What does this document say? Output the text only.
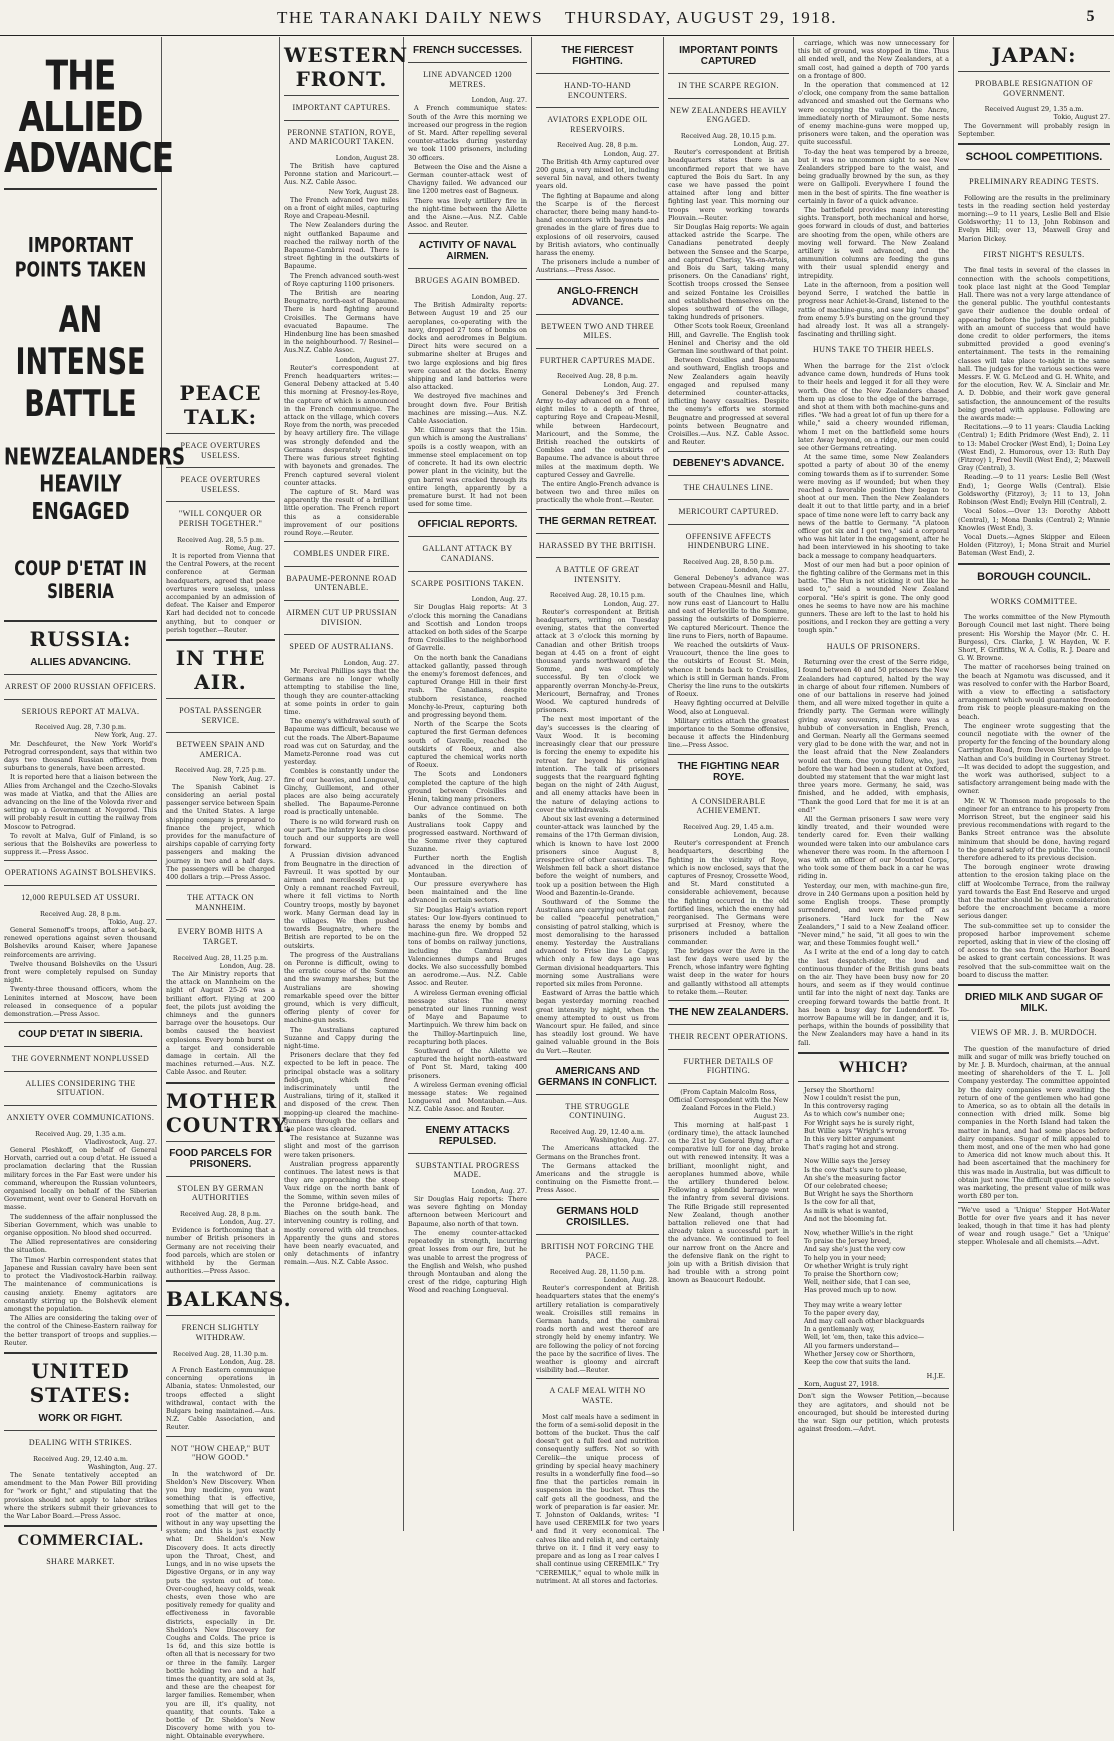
THE TARANAKI DAILY NEWS THURSDAY, AUGUST 29, 1918.	5
THE ALLIED ADVANCE
IMPORTANT POINTS TAKEN
AN INTENSE BATTLE
NEWZEALANDERS HEAVILY ENGAGED
COUP D'ETAT IN SIBERIA
RUSSIA:
ALLIES ADVANCING.
ARREST OF 2000 RUSSIAN OFFICERS.
SERIOUS REPORT AT MALVA.
Received Aug. 28, 7.30 p.m.
New York, Aug. 27.

Mr. Deschfeuret, the New York World's Petrograd correspondent, says that within two days two thousand Russian officers, from suburbans to generals, have been arrested.

It is reported here that a liaison between the Allies from Archangel and the Czecho-Slovaks was made at Viatka, and that the Allies are advancing on the line of the Volovda river and setting up a Government at Novgorod. This will probably result in cutting the railway from Moscow to Petrograd.

To revolt at Malva, Gulf of Finland, is so serious that the Bolsheviks are powerless to suppress it.—Press Assoc.

OPERATIONS AGAINST BOLSHEVIKS.
12,000 REPULSED AT USSURI.
Received Aug. 28, 8 p.m.
Tokio, Aug. 27.

General Semenoff's troops, after a set-back, renewed operations against seven thousand Bolsheviks around Kaiser, where Japanese reinforcements are arriving.

Twelve thousand Bolsheviks on the Ussuri front were completely repulsed on Sunday night.

Twenty-three thousand officers, whom the Leninites interned at Moscow, have been released in consequence of a popular demonstration.—Press Assoc.

COUP D'ETAT IN SIBERIA.
THE GOVERNMENT NONPLUSSED
ALLIES CONSIDERING THE SITUATION.
ANXIETY OVER COMMUNICATIONS.
Received Aug. 29, 1.35 a.m.
Vladivostock, Aug. 27.

General Pleshkoff, on behalf of General Horvath, carried out a coup d'etat. He issued a proclamation declaring that the Russian military forces in the Far East were under his command, whereupon the Russian volunteers, organised locally on behalf of the Siberian Government, went over to General Horvath en masse.

The suddenness of the affair nonplussed the Siberian Government, which was unable to organise opposition. No blood shed occurred.

The Allied representatives are considering the situation.

The Times' Harbin correspondent states that Japanese and Russian cavalry have been sent to protect the Vladivostock-Harbin railway. The maintenance of communications is causing anxiety. Enemy agitators are constantly stirring up the Bolshevik element amongst the population.

The Allies are considering the taking over of the control of the Chinese-Eastern railway for the better transport of troops and supplies.—Reuter.

UNITED STATES:
WORK OR FIGHT.
DEALING WITH STRIKES.
Received Aug. 29, 12.40 a.m.
Washington, Aug. 27.

The Senate tentatively accepted an amendment to the Man Power Bill providing for "work or fight," and stipulating that the provision should not apply to labor strikes where the strikers submit their grievances to the War Labor Board.—Press Assoc.

COMMERCIAL.
SHARE MARKET.
PEACE TALK:
PEACE OVERTURES USELESS.
PEACE OVERTURES USELESS.
"WILL CONQUER OR PERISH TOGETHER."
Received Aug. 28, 5.5 p.m.
Rome, Aug. 27.

It is reported from Vienna that the Central Powers, at the recent conference at German headquarters, agreed that peace overtures were useless, unless accompanied by an admission of defeat. The Kaiser and Emperor Karl had decided not to concede anything, but to conquer or perish together.—Reuter.

IN THE AIR.
POSTAL PASSENGER SERVICE.
BETWEEN SPAIN AND AMERICA.
Received Aug. 28, 7.25 p.m.
New York, Aug. 27.

The Spanish Cabinet is considering an aerial postal passenger service between Spain and the United States. A large shipping company is prepared to finance the project, which provides for the manufacture of airships capable of carrying forty passengers and making the journey in two and a half days. The passengers will be charged 400 dollars a trip.—Press Assoc.

THE ATTACK ON MANNHEIM.
EVERY BOMB HITS A TARGET.
Received Aug. 28, 11.25 p.m.
London, Aug. 28.

The Air Ministry reports that the attack on Mannheim on the night of August 25-26 was a brilliant effort. Flying at 200 feet, the pilots just avoiding the chimneys and the gunners barrage over the housetops. Our bombs caused the heaviest explosions. Every bomb burst on a target and considerable damage in certain. All the machines returned.—Aus. N.Z. Cable Assoc. and Reuter.

MOTHER COUNTRY.
FOOD PARCELS FOR PRISONERS.
STOLEN BY GERMAN AUTHORITIES
Received Aug. 28, 8 p.m.
London, Aug. 27.

Evidence is forthcoming that a number of British prisoners in Germany are not receiving their food parcels, which are stolen or withheld by the German authorities.—Press Assoc.

BALKANS.
FRENCH SLIGHTLY WITHDRAW.
Received Aug. 28, 11.30 p.m.
London, Aug. 28.

A French Eastern communique concerning operations in Albania, states: Unmolested, our troops effected a slight withdrawal, contact with the Bulgars being maintained.—Aus. N.Z. Cable Association, and Reuter.

NOT "HOW CHEAP," BUT "HOW GOOD."

In the watchword of Dr. Sheldon's New Discovery. When you buy medicine, you want something that is effective, something that will get to the root of the matter at once, without in any way upsetting the system; and this is just exactly what Dr. Sheldon's New Discovery does. It acts directly upon the Throat, Chest, and Lungs, and in no wise upsets the Digestive Organs, or in any way puts the system out of tone. Over-coughed, heavy colds, weak chests, even those who are positively remedy for quality and effectiveness in favorable districts, especially in Dr. Sheldon's New Discovery for Coughs and Colds. The price is 1s 6d, and this size bottle is often all that is necessary for two or three in the family. Larger bottle holding two and a half times the quantity, are sold at 3s, and these are the cheapest for larger families. Remember, when you are ill, it's quality, not quantity, that counts. Take a bottle of Dr. Sheldon's New Discovery home with you to-night. Obtainable everywhere.

WESTERN FRONT.
IMPORTANT CAPTURES.
PERONNE STATION, ROYE, AND MARICOURT TAKEN.
London, August 28.

The British have captured Peronne station and Maricourt.—Aus. N.Z. Cable Assoc.

New York, August 28.

The French advanced two miles on a front of eight miles, capturing Roye and Crapeau-Mesnil.

The New Zealanders during the night outflanked Bapaume and reached the railway north of the Bapaume-Cambrai road. There is street fighting in the outskirts of Bapaume.

The French advanced south-west of Roye capturing 1100 prisoners.

The British are nearing Beugnatre, north-east of Bapaume. There is hard fighting around Croisilles. The Germans have evacuated Bapaume. The Hindenburg line has been smashed in the neighbourhood. 7/ Resinel—Aus.N.Z. Cable Assoc.

London, August 27.

Reuter's correspondent at French headquarters writes:—General Debeny attacked at 5.40 this morning at Fresnoy-les-Roye, the capture of which is announced in the French communique. The attack on the village, which covers Roye from the north, was preceded by heavy artillery fire. The village was strongly defended and the Germans desperately resisted. There was furious street fighting with bayonets and grenades. The French captured several violent counter attacks.

The capture of St. Mard was apparently the result of a brilliant little operation. The French report this as a considerable improvement of our positions round Roye.—Reuter.

COMBLES UNDER FIRE.
BAPAUME-PERONNE ROAD UNTENABLE.
AIRMEN CUT UP PRUSSIAN DIVISION.
SPEED OF AUSTRALIANS.
London, Aug. 27.

Mr. Percival Phillips says that the Germans are no longer wholly attempting to stabilise the line, though they are counter-attacking at some points in order to gain time.

The enemy's withdrawal south of Bapaume was difficult, because we cut the roads. The Albert-Bapaume road was cut on Saturday, and the Mametz-Peronne road was cut yesterday.

Combles is constantly under the fire of our heavies, and Longueval, Ginchy, Guillemont, and other places are also being accurately shelled. The Bapaume-Peronne road is practically untenable.

There is no wild forward rush on our part. The infantry keep in close touch and our supports are well forward.

A Prussian division advanced from Beugnatre in the direction of Favreuil. It was spotted by our airmen and mercilessly cut up. Only a remnant reached Favreuil, where it fell victims to North Country troops, mostly by bayonet work. Many German dead lay in the villages. We then pushed towards Beugnatre, where the British are reported to be on the outskirts.

The progress of the Australians on Peronne is difficult, owing to the erratic course of the Somme and the swampy marshes; but the Australians are showing remarkable speed over the bitter ground, which is very difficult, offering plenty of cover for machine-gun nests.

The Australians captured Suzanne and Cappy during the night-time.

Prisoners declare that they fed expected to be left in peace. The principal obstacle was a solitary field-gun, which fired indiscriminately until the Australians, tiring of it, stalked it and disposed of the crew. Then mopping-up cleared the machine-gunners through the cellars and the place was cleared.

The resistance at Suzanne was slight and most of the garrison were taken prisoners.

Australian progress apparently continues. The latest news is that they are approaching the steep Vaux ridge on the north bank of the Somme, within seven miles of the Peronne bridge-head, and Biaches on the south bank. The intervening country is rolling, and mostly covered with old trenches. Apparently the guns and stores have been nearly evacuated, and only detachments of infantry remain.—Aus. N.Z. Cable Assoc.

FRENCH SUCCESSES.
LINE ADVANCED 1200 METRES.
London, Aug. 27.

A French communique states: South of the Avre this morning we increased our progress in the region of St. Mard. After repelling several counter-attacks during yesterday we took 1100 prisoners, including 30 officers.

Between the Oise and the Aisne a German counter-attack west of Chavigny failed. We advanced our line 1200 metres east of Bagneux.

There was lively artillery fire in the night-time between the Ailette and the Aisne.—Aus. N.Z. Cable Assoc. and Reuter.

ACTIVITY OF NAVAL AIRMEN.
BRUGES AGAIN BOMBED.
London, Aug. 27.

The British Admiralty reports: Between August 19 and 25 our aeroplanes, co-operating with the navy, dropped 27 tons of bombs on docks and aerodromes in Belgium. Direct hits were secured on a submarine shelter at Bruges and two large explosions and big fires were caused at the docks. Enemy shipping and land batteries were also attacked.

We destroyed five machines and brought down five. Four British machines are missing.—Aus. N.Z. Cable Association.

Mr. Gilmour says that the 15in. gun which is among the Australians' spoils is a costly weapon, with an immense steel emplacement on top of concrete. It had its own electric power plant in the vicinity, but the gun barrel was cracked through its entire length, apparently by a premature burst. It had not been used for some time.

OFFICIAL REPORTS.
GALLANT ATTACK BY CANADIANS.
SCARPE POSITIONS TAKEN.
London, Aug. 27.

Sir Douglas Haig reports: At 3 o'clock this morning the Canadians and Scottish and London troops attacked on both sides of the Scarpe from Croisilles to the neighborhood of Gavrelle.

On the north bank the Canadians attacked gallantly, passed through the enemy's foremost defences, and captured Orange Hill in their first rush. The Canadians, despite stubborn resistance, reached Monchy-le-Preux, capturing both and progressing beyond them.

North of the Scarpe the Scots captured the first German defences south of Gavrelle, reached the outskirts of Roeux, and also captured the chemical works north of Roeux.

The Scots and Londoners completed the capture of the high ground between Croisilles and Henin, taking many prisoners.

Our advance continued on both banks of the Somme. The Australians took Cappy and progressed eastward. Northward of the Somme river they captured Suzanne.

Further north the English advanced in the direction of Montauban.

Our pressure everywhere has been maintained and the line advanced in certain sectors.

Sir Douglas Haig's aviation report states: Our low-flyers continued to harass the enemy by bombs and machine-gun fire. We dropped 52 tons of bombs on railway junctions, including the Cambrai and Valenciennes dumps and Bruges docks. We also successfully bombed an aerodrome.—Aus. N.Z. Cable Assoc. and Reuter.

A wireless German evening official message states: The enemy penetrated our lines running west of Maye and Bapaume to Martinpuich. We threw him back on the Thilloy-Martinpuich line, recapturing both places.

Southward of the Ailette we captured the height north-eastward of Pont St. Mard, taking 400 prisoners.

A wireless German evening official message states: We regained Longueval and Montauban.—Aus. N.Z. Cable Assoc. and Reuter.

ENEMY ATTACKS REPULSED.
SUBSTANTIAL PROGRESS MADE.
London, Aug. 27.

Sir Douglas Haig reports: There was severe fighting on Monday afternoon between Mericourt and Bapaume, also north of that town.

The enemy counter-attacked repeatedly in strength, incurring great losses from our fire, but he was unable to arrest the progress of the English and Welsh, who pushed through Montauban and along the crest of the ridge, capturing High Wood and reaching Longueval.

THE FIERCEST FIGHTING.
HAND-TO-HAND ENCOUNTERS.
AVIATORS EXPLODE OIL RESERVOIRS.
Received Aug. 28, 8 p.m.
London, Aug. 27.

The British 4th Army captured over 200 guns, a very mixed lot, including several 5in naval, and others twenty years old.

The fighting at Bapaume and along the Scarpe is of the fiercest character, there being many hand-to-hand encounters with bayonets and grenades in the glare of fires due to explosions of oil reservoirs, caused by British aviators, who continually harass the enemy.

The prisoners include a number of Austrians.—Press Assoc.

ANGLO-FRENCH ADVANCE.
BETWEEN TWO AND THREE MILES.
FURTHER CAPTURES MADE.
Received Aug. 28, 8 p.m.
London, Aug. 27.

General Debeney's 3rd French Army to-day advanced on a front of eight miles to a depth of three, capturing Roye and Crapeau-Mesnil, while between Hardecourt, Maricourt, and the Somme, the British reached the outskirts of Combles and the outskirts of Bapaume. The advance is about three miles at the maximum depth. We captured Cessey and Gavrelle.

The entire Anglo-French advance is between two and three miles on practically the whole front.—Reuter.

THE GERMAN RETREAT.
HARASSED BY THE BRITISH.
A BATTLE OF GREAT INTENSITY.
Received Aug. 28, 10.15 p.m.
London, Aug. 27.

Reuter's correspondent at British headquarters, writing on Tuesday evening, states that the converted attack at 3 o'clock this morning by Canadian and other British troops began at 4.45 on a front of eight thousand yards northward of the Somme, and was completely successful. By ten o'clock we apparently overran Monchy-le-Preux, Mericourt, Bernafray, and Trones Wood. We captured hundreds of prisoners.

The next most important of the day's successes is the clearing of Vaux Wood. It is becoming increasingly clear that our pressure is forcing the enemy to expedite his retreat far beyond his original intention. The talk of prisoners suggests that the rearguard fighting began on the night of 24th August, and all enemy attacks have been in the nature of delaying actions to cover the withdrawals.

About six last evening a determined counter-attack was launched by the remains of the 17th German division, which is known to have lost 2000 prisoners since August 8, irrespective of other casualties. The Welshmen fell back a short distance before the weight of numbers, and took up a position between the High Wood and Bazentin-le-Grande.

Southward of the Somme the Australians are carrying out what can be called "peaceful penetration," consisting of patrol stalking, which is most demoralising to the harassed enemy. Yesterday the Australians advanced to Frise line Le Cappy, which only a few days ago was German divisional headquarters. This morning some Australians were reported six miles from Peronne.

Eastward of Arras the battle which began yesterday morning reached great intensity by night, when the enemy attempted to oust us from Wancourt spur. He failed, and since has steadily lost ground. We have gained valuable ground in the Bois du Vert.—Reuter.

AMERICANS AND GERMANS IN CONFLICT.
THE STRUGGLE CONTINUING.
Received Aug. 29, 12.40 a.m.
Washington, Aug. 27.

The Americans attacked the Germans on the Branches front.

The Germans attacked the Americans and the struggle is continuing on the Fismette front.—Press Assoc.

GERMANS HOLD CROISILLES.
BRITISH NOT FORCING THE PACE.
Received Aug. 28, 11.50 p.m.
London, Aug. 28.

Reuter's correspondent at British headquarters states that the enemy's artillery retaliation is comparatively weak. Croisilles still remains in German hands, and the cambrai roads north and west thereof are strongly held by enemy infantry. We are following the policy of not forcing the pace by the sacrifice of lives. The weather is gloomy and aircraft visibility bad.—Reuter.

A CALF MEAL WITH NO WASTE.

Most calf meals have a sediment in the form of a semi-solid deposit in the bottom of the bucket. Thus the calf doesn't get a full feed and nutrition consequently suffers. Not so with Cerelik—the unique process of grinding by special heavy machinery results in a wonderfully fine food—so fine that the particles remain in suspension in the bucket. Thus the calf gets all the goodness, and the work of preparation is far easier. Mr. T. Johnston of Oaklands, writes: "I have used CEREMILK for two years and find it very economical. The calves like and relish it, and certainly thrive on it. I find it very easy to prepare and as long as I rear calves I shall continue using CEREMILK." Try "CEREMILK," equal to whole milk in nutriment. At all stores and factories.

IMPORTANT POINTS CAPTURED
IN THE SCARPE REGION.
NEW ZEALANDERS HEAVILY ENGAGED.
Received Aug. 28, 10.15 p.m.
London, Aug. 27.

Reuter's correspondent at British headquarters states there is an unconfirmed report that we have captured the Bois du Sart. In any case we have passed the point attained after long and bitter fighting last year. This morning our troops were working towards Plouvain.—Reuter.

Sir Douglas Haig reports: We again attacked astride the Scarpe. The Canadians penetrated deeply between the Sensee and the Scarpe, and captured Cherisy, Vis-en-Artois, and Bois du Sart, taking many prisoners. On the Canadians' right, Scottish troops crossed the Sensee and seized Fontaine les Croisilles and established themselves on the slopes southward of the village, taking hundreds of prisoners.

Other Scots took Roeux, Greenland Hill, and Gavrelle. The English took Heninel and Cherisy and the old German line southward of that point.

Between Croisilles and Bapaume and southward, English troops and New Zealanders again heavily engaged and repulsed many determined counter-attacks, inflicting heavy casualties. Despite the enemy's efforts we stormed Beugnatre and progressed at several points between Beugnatre and Croisilles.—Aus. N.Z. Cable Assoc. and Reuter.

DEBENEY'S ADVANCE.
THE CHAULNES LINE.
MERICOURT CAPTURED.
OFFENSIVE AFFECTS HINDENBURG LINE.
Received Aug. 28, 8.50 p.m.
London, Aug. 27.

General Debeney's advance was between Crapeau-Mesnil and Hallu, south of the Chaulnes line, which now runs east of Liancourt to Hallu and east of Herleville to the Somme, passing the outskirts of Dompierre. We captured Mericourt. Thence the line runs to Fiers, north of Bapaume.

We reached the outskirts of Vaux-Vraucourt, thence the line goes to the outskirts of Ecoust St. Mein, whence it bends back to Croisilles, which is still in German hands. From Cherisy the line runs to the outskirts of Roeux.

Heavy fighting occurred at Delville Wood, also at Longueval.

Military critics attach the greatest importance to the Somme offensive, because it affects the Hindenburg line.—Press Assoc.

THE FIGHTING NEAR ROYE.
A CONSIDERABLE ACHIEVEMENT.
Received Aug. 29, 1.45 a.m.
London, Aug. 28.

Reuter's correspondent at French headquarters, describing the fighting in the vicinity of Roye, which is now enclosed, says that the captures of Fresnoy, Crossette Wood, and St. Mard constituted a considerable achievement, because the fighting occurred in the old fortified lines, which the enemy had reorganised. The Germans were surprised at Fresnoy, where the prisoners included a battalion commander.

The bridges over the Avre in the last few days were used by the French, whose infantry were fighting waist deep in the water for hours and gallantly withstood all attempts to retake them.—Reuter.

THE NEW ZEALANDERS.
THEIR RECENT OPERATIONS.
FURTHER DETAILS OF FIGHTING.
(From Captain Malcolm Ross, Official Correspondent with the New Zealand Forces in the Field.)
August 23.

This morning at half-past 1 (ordinary time), the attack launched on the 21st by General Byng after a comparative lull for one day, broke out with renewed intensity. It was a brilliant, moonlight night, and aeroplanes hummed above, while the artillery thundered below. Following a splendid barrage went the infantry from several divisions. The Rifle Brigade still represented New Zealand, though another battalion relieved one that had already taken a successful part in the advance. We continued to feel our narrow front on the Ancre and the defensive flank on the right to join up with a British division that had trouble with a strong point known as Beaucourt Redoubt.

carriage, which was now unnecessary for this bit of ground, was stopped in time. Thus all ended well, and the New Zealanders, at a small cost, had gained a depth of 700 yards on a frontage of 800.

In the operation that commenced at 12 o'clock, one company from the same battalion advanced and smashed out the Germans who were occupying the valley of the Ancre, immediately north of Miraumont. Some nests of enemy machine-guns were mopped up, prisoners were taken, and the operation was quite successful.

To-day the heat was tempered by a breeze, but it was no uncommon sight to see New Zealanders stripped bare to the waist, and being gradually browned by the sun, as they were on Gallipoli. Everywhere I found the men in the best of spirits. The fine weather is certainly in favor of a quick advance.

The battlefield provides many interesting sights. Transport, both mechanical and horse, goes forward in clouds of dust, and batteries are shooting from the open, while others are moving well forward. The New Zealand artillery is well advanced, and the ammunition columns are feeding the guns with their usual splendid energy and intrepidity.

Late in the afternoon, from a position well beyond Serre, I watched the battle in progress near Achiet-le-Grand, listened to the rattle of machine-guns, and saw big "crumps" from enemy 5.9's bursting on the ground they had already lost. It was all a strangely-fascinating and thrilling sight.

HUNS TAKE TO THEIR HEELS.

When the barrage for the 21st o'clock advance came down, hundreds of Huns took to their heels and legged it for all they were worth. One of the New Zealanders chased them up as close to the edge of the barrage, and shot at them with both machine-guns and rifles. "We had a great lot of fun up there for a while," said a cheery wounded rifleman, whom I met on the battlefield some hours later. Away beyond, on a ridge, our men could see other Germans retreating.

At the same time, some New Zealanders spotted a party of about 30 of the enemy coming towards them as if to surrender. Some were moving as if wounded; but when they reached a favorable position they began to shoot at our men. Then the New Zealanders dealt it out to that little party, and in a brief space of time none were left to carry back any news of the battle to Germany. "A platoon officer got six and I got two," said a corporal who was hit later in the engagement, after he had been interviewed in his shooting to take back a message to company headquarters.

Most of our men had but a poor opinion of the fighting calibre of the Germans met in this battle. "The Hun is not sticking it out like he used to," said a wounded New Zealand corporal. "He's spirit is gone. The only good ones he seems to have now are his machine gunners. These are left to the last to hold his positions, and I reckon they are getting a very tough spin."

HAULS OF PRISONERS.

Returning over the crest of the Serre ridge, I found between 40 and 50 prisoners the New Zealanders had captured, halted by the way in charge of about four riflemen. Numbers of one of our battalions in reserve had joined them, and all were mixed together in quite a friendly party. The German were willingly giving away souvenirs, and there was a hubbub of conversation in English, French, and German. Nearly all the Germans seemed very glad to be done with the war, and not in the least afraid that the New Zealanders would eat them. One young fellow, who, just before the war had been a student at Oxford, doubted my statement that the war might last three years more. Germany, he said, was finished, and he added, with emphasis, "Thank the good Lord that for me it is at an end!"

All the German prisoners I saw were very kindly treated, and their wounded were tenderly cared for. Even their walking wounded were taken into our ambulance cars whenever there was room. In the afternoon I was with an officer of our Mounted Corps, who took some of them back in a car he was riding in.

Yesterday, our men, with machine-gun fire, drove in 240 Germans upon a position held by some English troops. These promptly surrendered, and were marked off as prisoners. "Hard luck for the New Zealanders," I said to a New Zealand officer. "Never mind," he said, "it all goes to win the war, and these Tommies fought well."

As I write at the end of a long day to catch the last despatch-rider, the loud and continuous thunder of the British guns beats on the air. They have been busy now for 20 hours, and seem as if they would continue until far into the night of next day. Tanks are creeping forward towards the battle front. It has been a busy day for Ludendorff. To-morrow Bapaume will be in danger, and it is, perhaps, within the bounds of possibility that the New Zealanders may have a hand in its fall.

WHICH?
Jersey the Shorthorn!
Now I couldn't resist the pun,
In this controversy raging
As to which cow's number one;
For Wright says he is surely right,
But Willie says "Wright's wrong
In this very bitter argument
That's raging hot and strong.
Now Willie says the Jersey
Is the cow that's sure to please,
An she's the measuring factor
Of our celebrated cheese;
But Wright he says the Shorthorn
Is the cow for all that,
As milk is what is wanted,
And not the blooming fat.
Now, whether Willie's in the right
To praise the Jersey breed,
And say she's just the very cow
To help you in your need;
Or whether Wright is truly right
To praise the Shorthorn cow;
Well, neither side, that I can see,
Has proved much up to now.
They may write a weary letter
To the paper every day,
And may call each other blackguards
In a gentlemanly way,
Well, let 'em, then, take this advice—
All you farmers understand—
Whether Jersey cow or Shorthorn,
Keep the cow that suits the land.
H.J.E.
Korn, August 27, 1918.
Don't sign the Wowser Petition,—because they are agitators, and should not be encouraged, but should be interested during the war. Sign our petition, which protests against freedom.—Advt.
JAPAN:
PROBABLE RESIGNATION OF GOVERNMENT.
Received August 29, 1.35 a.m.
Tokio, August 27.

The Government will probably resign in September.

SCHOOL COMPETITIONS.
PRELIMINARY READING TESTS.

Following are the results in the preliminary tests in the reading section held yesterday morning:—9 to 11 years, Leslie Bell and Elsie Goldsworthy; 11 to 13, John Robinson and Evelyn Hill; over 13, Maxwell Gray and Marion Dickey.

FIRST NIGHT'S RESULTS.

The final tests in several of the classes in connection with the schools competitions, took place last night at the Good Templar Hall. There was not a very large attendance of the general public. The youthful contestants gave their audience the double ordeal of appearing before the judges and the public with an amount of success that would have done credit to older performers, the items submitted provided a good evening's entertainment. The tests in the remaining classes will take place to-night in the same hall. The judges for the various sections were Messrs. F. W. G. McLeod and G. H. White, and for the elocution, Rev. W. A. Sinclair and Mr. A. D. Dobbie, and their work gave general satisfaction, the announcement of the results being greeted with applause. Following are the awards made:—

Recitations.—9 to 11 years: Claudia Lacking (Central) 1; Edith Pridmore (West End), 2. 11 to 13: Mabel Crocker (West End), 1; Doina Ley (West End), 2. Humorous, over 13: Ruth Day (Fitzroy) 1, Fred Nevill (West End), 2; Maxwell Gray (Central), 3.

Reading.—9 to 11 years: Leslie Bell (West End), 1; George Wells (Central). Elsie Goldsworthy (Fitzroy), 3; 11 to 13, John Robinson (West End); Evelyn Hill (Central), 2.

Vocal Solos.—Over 13: Dorothy Abbott (Central), 1; Mona Danks (Central) 2; Winnie Knowles (West End), 3.

Vocal Duets.—Agnes Skipper and Eileen Holden (Fitzroy), 1; Mona Strait and Muriel Bateman (West End), 2.

BOROUGH COUNCIL.
WORKS COMMITTEE.

The works committee of the New Plymouth Borough Council met last night. There being present: His Worship the Mayor (Mr. C. H. Burgess), Crs. Clarke, J. W. Hayden, W. F. Short, F. Griffiths, W. A. Collis, R. J. Deare and G. W. Browne.

The matter of racehorses being trained on the beach at Ngamotu was discussed, and it was resolved to confer with the Harbor Board, with a view to effecting a satisfactory arrangement which would guarantee freedom from risk to people pleasure-making on the beach.

The engineer wrote suggesting that the council negotiate with the owner of the property for the fencing of the boundary along Carrington Road, from Devon Street bridge to Nathan and Co's building in Courtenay Street.—It was decided to adopt the suggestion, and the work was authorised, subject to a satisfactory arrangement being made with the owner.

Mr. W. W. Thomson made proposals to the engineer for an entrance to his property from Morrison Street, but the engineer said his previous recommendations with regard to the Banks Street entrance was the absolute minimum that should be done, having regard to the general safety of the public. The council therefore adhered to its previous decision.

The borough engineer wrote drawing attention to the erosion taking place on the cliff at Woolcombe Terrace, from the railway yard towards the East End Reserve and urged that the matter should be given consideration before the encroachment became a more serious danger.

The sub-committee set up to consider the proposed harbor improvement scheme reported, asking that in view of the closing off of access to the sea front, the Harbor Board be asked to grant certain concessions. It was resolved that the sub-committee wait on the board to discuss the matter.

DRIED MILK AND SUGAR OF MILK.
VIEWS OF MR. J. B. MURDOCH.

The question of the manufacture of dried milk and sugar of milk was briefly touched on by Mr. J. B. Murdoch, chairman, at the annual meeting of shareholders of the T. L. Joll Company yesterday. The committee appointed by the dairy companies were awaiting the return of one of the gentlemen who had gone to America, so as to obtain all the details in connection with dried milk. Some big companies in the North Island had taken the matter in hand, and had some places before dairy companies. Sugar of milk appealed to them most, and one of the men who had gone to America did not know much about this. It had been ascertained that the machinery for this was made in Australia, but was difficult to obtain just now. The difficult question to solve was marketing, the present value of milk was worth £80 per ton.

"We've used a 'Unique' Stepper Hot-Water Bottle for over five years and it has never leaked, though in that time it has had plenty of wear and rough usage." Get a 'Unique' stepper. Wholesale and all chemists.—Advt.
